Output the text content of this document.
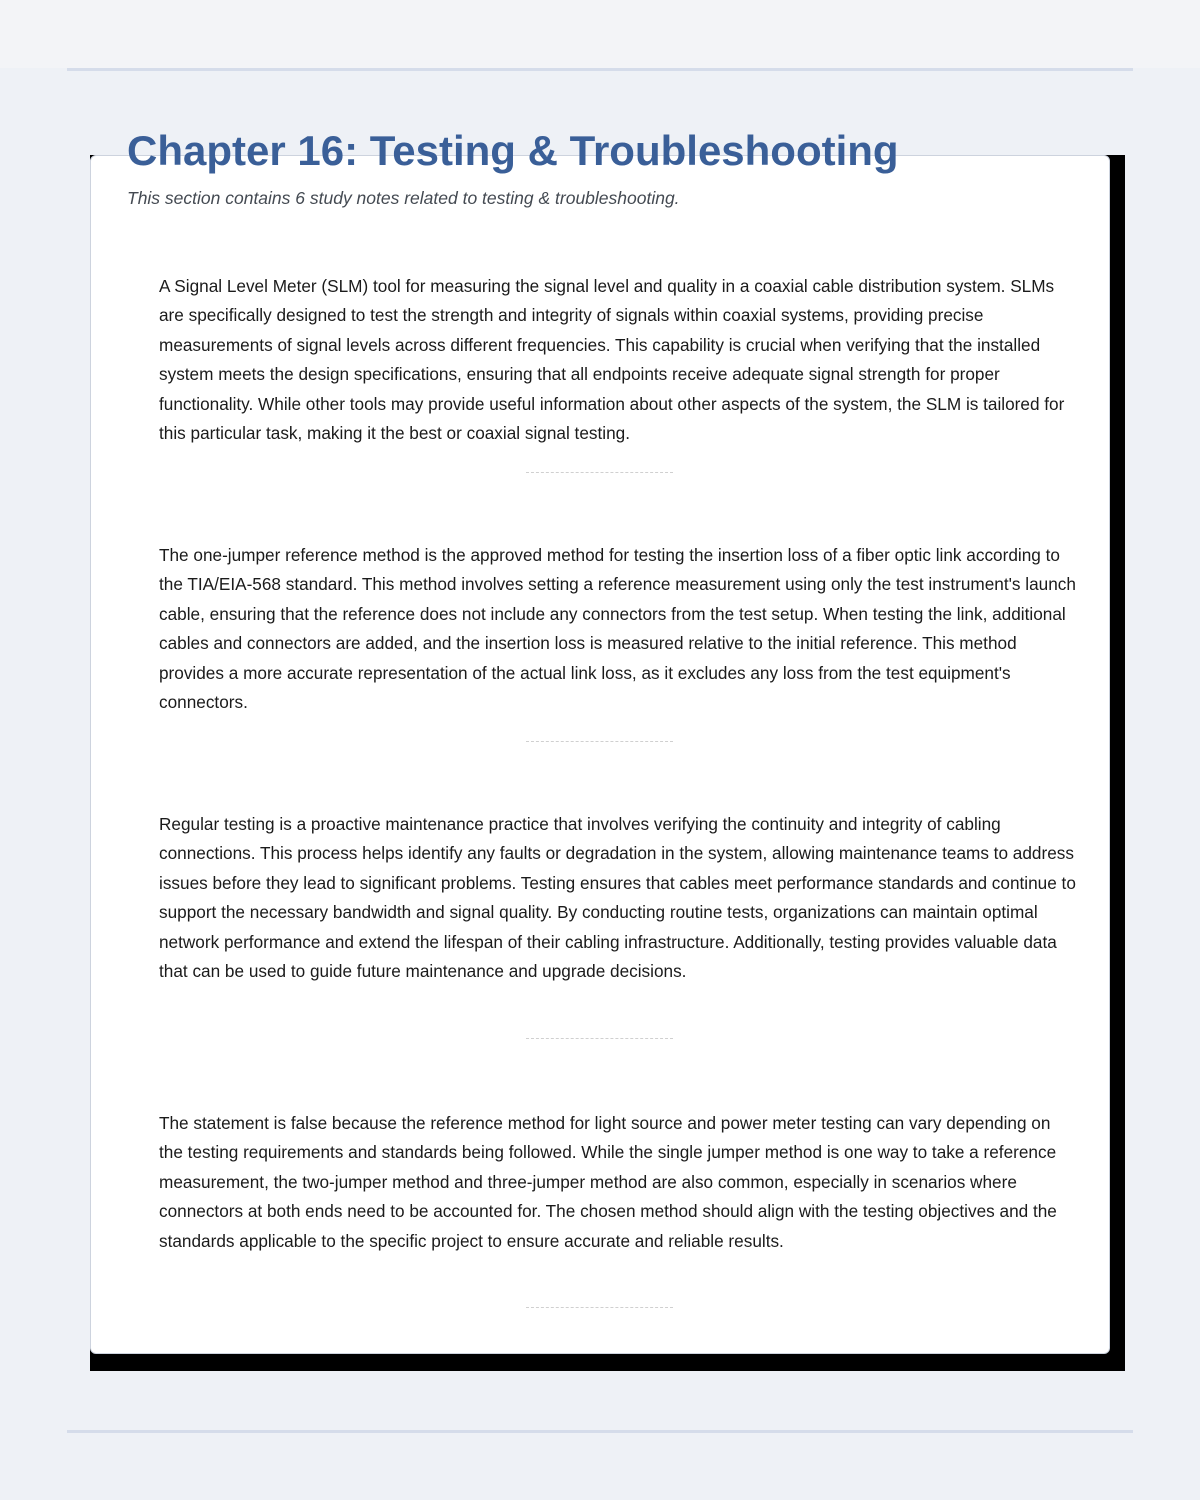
Chapter 16: Testing & Troubleshooting

This section contains 6 study notes related to testing & troubleshooting.

A Signal Level Meter (SLM) tool for measuring the signal level and quality in a coaxial cable distribution system. SLMs are specifically designed to test the strength and integrity of signals within coaxial systems, providing precise measurements of signal levels across different frequencies. This capability is crucial when verifying that the installed system meets the design specifications, ensuring that all endpoints receive adequate signal strength for proper functionality. While other tools may provide useful information about other aspects of the system, the SLM is tailored for this particular task, making it the best or coaxial signal testing.

The one-jumper reference method is the approved method for testing the insertion loss of a fiber optic link according to the TIA/EIA-568 standard. This method involves setting a reference measurement using only the test instrument's launch cable, ensuring that the reference does not include any connectors from the test setup. When testing the link, additional cables and connectors are added, and the insertion loss is measured relative to the initial reference. This method provides a more accurate representation of the actual link loss, as it excludes any loss from the test equipment's connectors.

Regular testing is a proactive maintenance practice that involves verifying the continuity and integrity of cabling connections. This process helps identify any faults or degradation in the system, allowing maintenance teams to address issues before they lead to significant problems. Testing ensures that cables meet performance standards and continue to support the necessary bandwidth and signal quality. By conducting routine tests, organizations can maintain optimal network performance and extend the lifespan of their cabling infrastructure. Additionally, testing provides valuable data that can be used to guide future maintenance and upgrade decisions.

The statement is false because the reference method for light source and power meter testing can vary depending on the testing requirements and standards being followed. While the single jumper method is one way to take a reference measurement, the two-jumper method and three-jumper method are also common, especially in scenarios where connectors at both ends need to be accounted for. The chosen method should align with the testing objectives and the standards applicable to the specific project to ensure accurate and reliable results.
